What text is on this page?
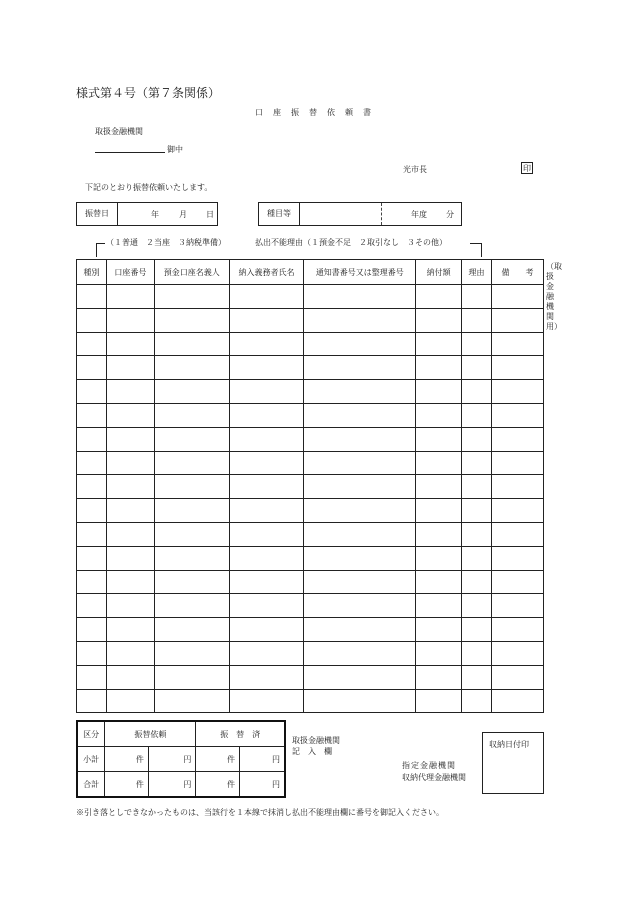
様式第４号（第７条関係）
口　座　振　替　依　頼　書
取扱金融機関
御中
光市長	印
下記のとおり振替依頼いたします。
振替日	年	月 日	種目等	年度 分
（１普通　２当座　３納税準備）	払出不能理由（１預金不足　２取引なし　３その他）
種別	口座番号	預金口座名義人	納入義務者氏名	通知書番号又は整理番号	納付額	理由	備　　考

（取扱金融機関用）
区分	振替依頼		振　替　済	
小計	件	円	件	円
合計	件	円	件	円
取扱金融機関
記　入　欄
指定金融機関
収納代理金融機関
収納日付印
※引き落としできなかったものは、当該行を１本線で抹消し払出不能理由欄に番号を御記入ください。
